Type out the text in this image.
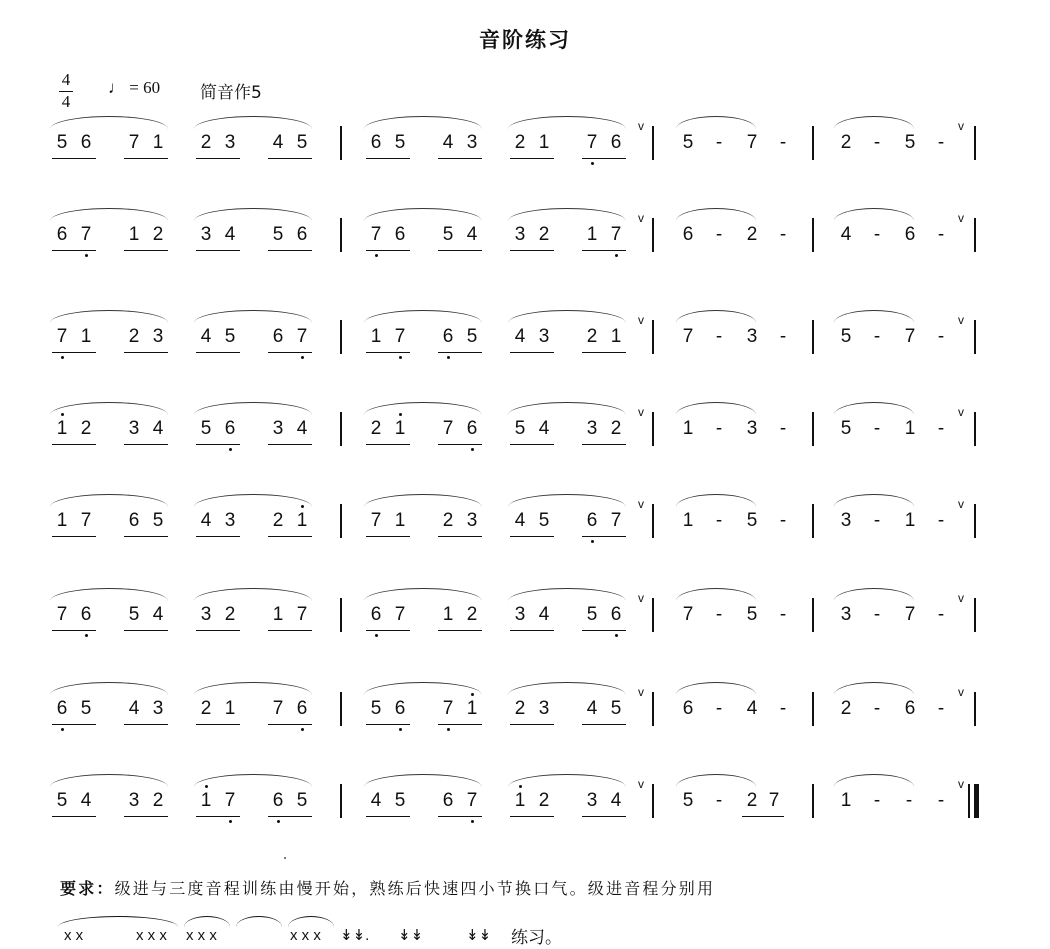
音阶练习
4
4
♩ = 60 简音作5
5 6 7 1 2 3 4 5	6 5 4 3 2 1 7 6	5	-	7	-	2	-	5	-
v	v
6 7 1 2 3 4 5 6	7 6 5 4 3 2 1 7	6	-	2	-	4	-	6	-
v	v
7 1 2 3 4 5 6 7	1 7 6 5 4 3 2 1	7	-	3	-	5	-	7	-
v	v
1 2 3 4 5 6 3 4	2 1 7 6 5 4 3 2	1	-	3	-	5	-	1	-
v	v
1 7 6 5 4 3 2 1	7 1 2 3 4 5 6 7	1	-	5	-	3	-	1	-
v	v
7 6 5 4 3 2 1 7	6 7 1 2 3 4 5 6	7	-	5	-	3	-	7	-
v	v
6 5 4 3 2 1 7 6	5 6 7 1 2 3 4 5	6	-	4	-	2	-	6	-
v	v
5 4 3 2 1 7 6 5	4 5 6 7 1 2 3 4	5	-	2 7	1	-	-	-
v	v
要求：级进与三度音程训练由慢开始，熟练后快速四小节换口气。级进音程分别用
x x	x x x x x x	x x x ↡↡. ↡↡	↡↡ 练习。
